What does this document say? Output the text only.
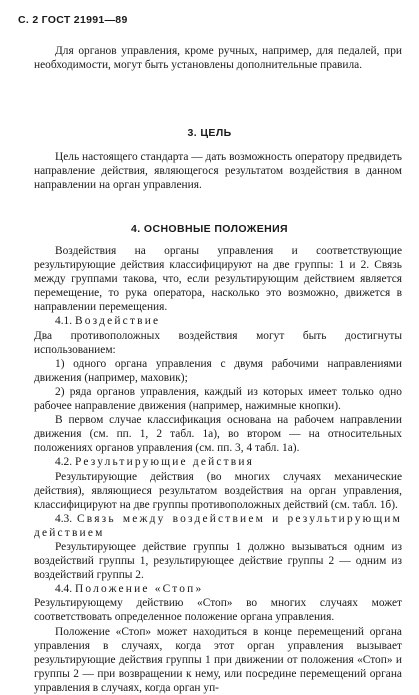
С. 2 ГОСТ 21991—89

Для органов управления, кроме ручных, например, для педалей, при необходимости, могут быть установлены дополнительные правила.

3. ЦЕЛЬ

Цель настоящего стандарта — дать возможность оператору предвидеть направление действия, являющегося результатом воздействия в данном направлении на орган управления.

4. ОСНОВНЫЕ ПОЛОЖЕНИЯ

Воздействия на органы управления и соответствующие результирующие действия классифицируют на две группы: 1 и 2. Связь между группами такова, что, если результирующим действием является перемещение, то рука оператора, насколько это возможно, движется в направлении перемещения.

4.1. Воздействие

Два противоположных воздействия могут быть достигнуты использованием:

1) одного органа управления с двумя рабочими направлениями движения (например, маховик);

2) ряда органов управления, каждый из которых имеет только одно рабочее направление движения (например, нажимные кнопки).

В первом случае классификация основана на рабочем направлении движения (см. пп. 1, 2 табл. 1а), во втором — на относительных положениях органов управления (см. пп. 3, 4 табл. 1а).

4.2. Результирующие действия

Результирующие действия (во многих случаях механические действия), являющиеся результатом воздействия на орган управления, классифицируют на две группы противоположных действий (см. табл. 1б).

4.3. Связь между воздействием и результирующим действием

Результирующее действие группы 1 должно вызываться одним из воздействий группы 1, результирующее действие группы 2 — одним из воздействий группы 2.

4.4. Положение «Стоп»

Результирующему действию «Стоп» во многих случаях может соответствовать определенное положение органа управления.

Положение «Стоп» может находиться в конце перемещений органа управления в случаях, когда этот орган управления вызывает результирующие действия группы 1 при движении от положения «Стоп» и группы 2 — при возвращении к нему, или посредине перемещений органа управления в случаях, когда орган уп-
